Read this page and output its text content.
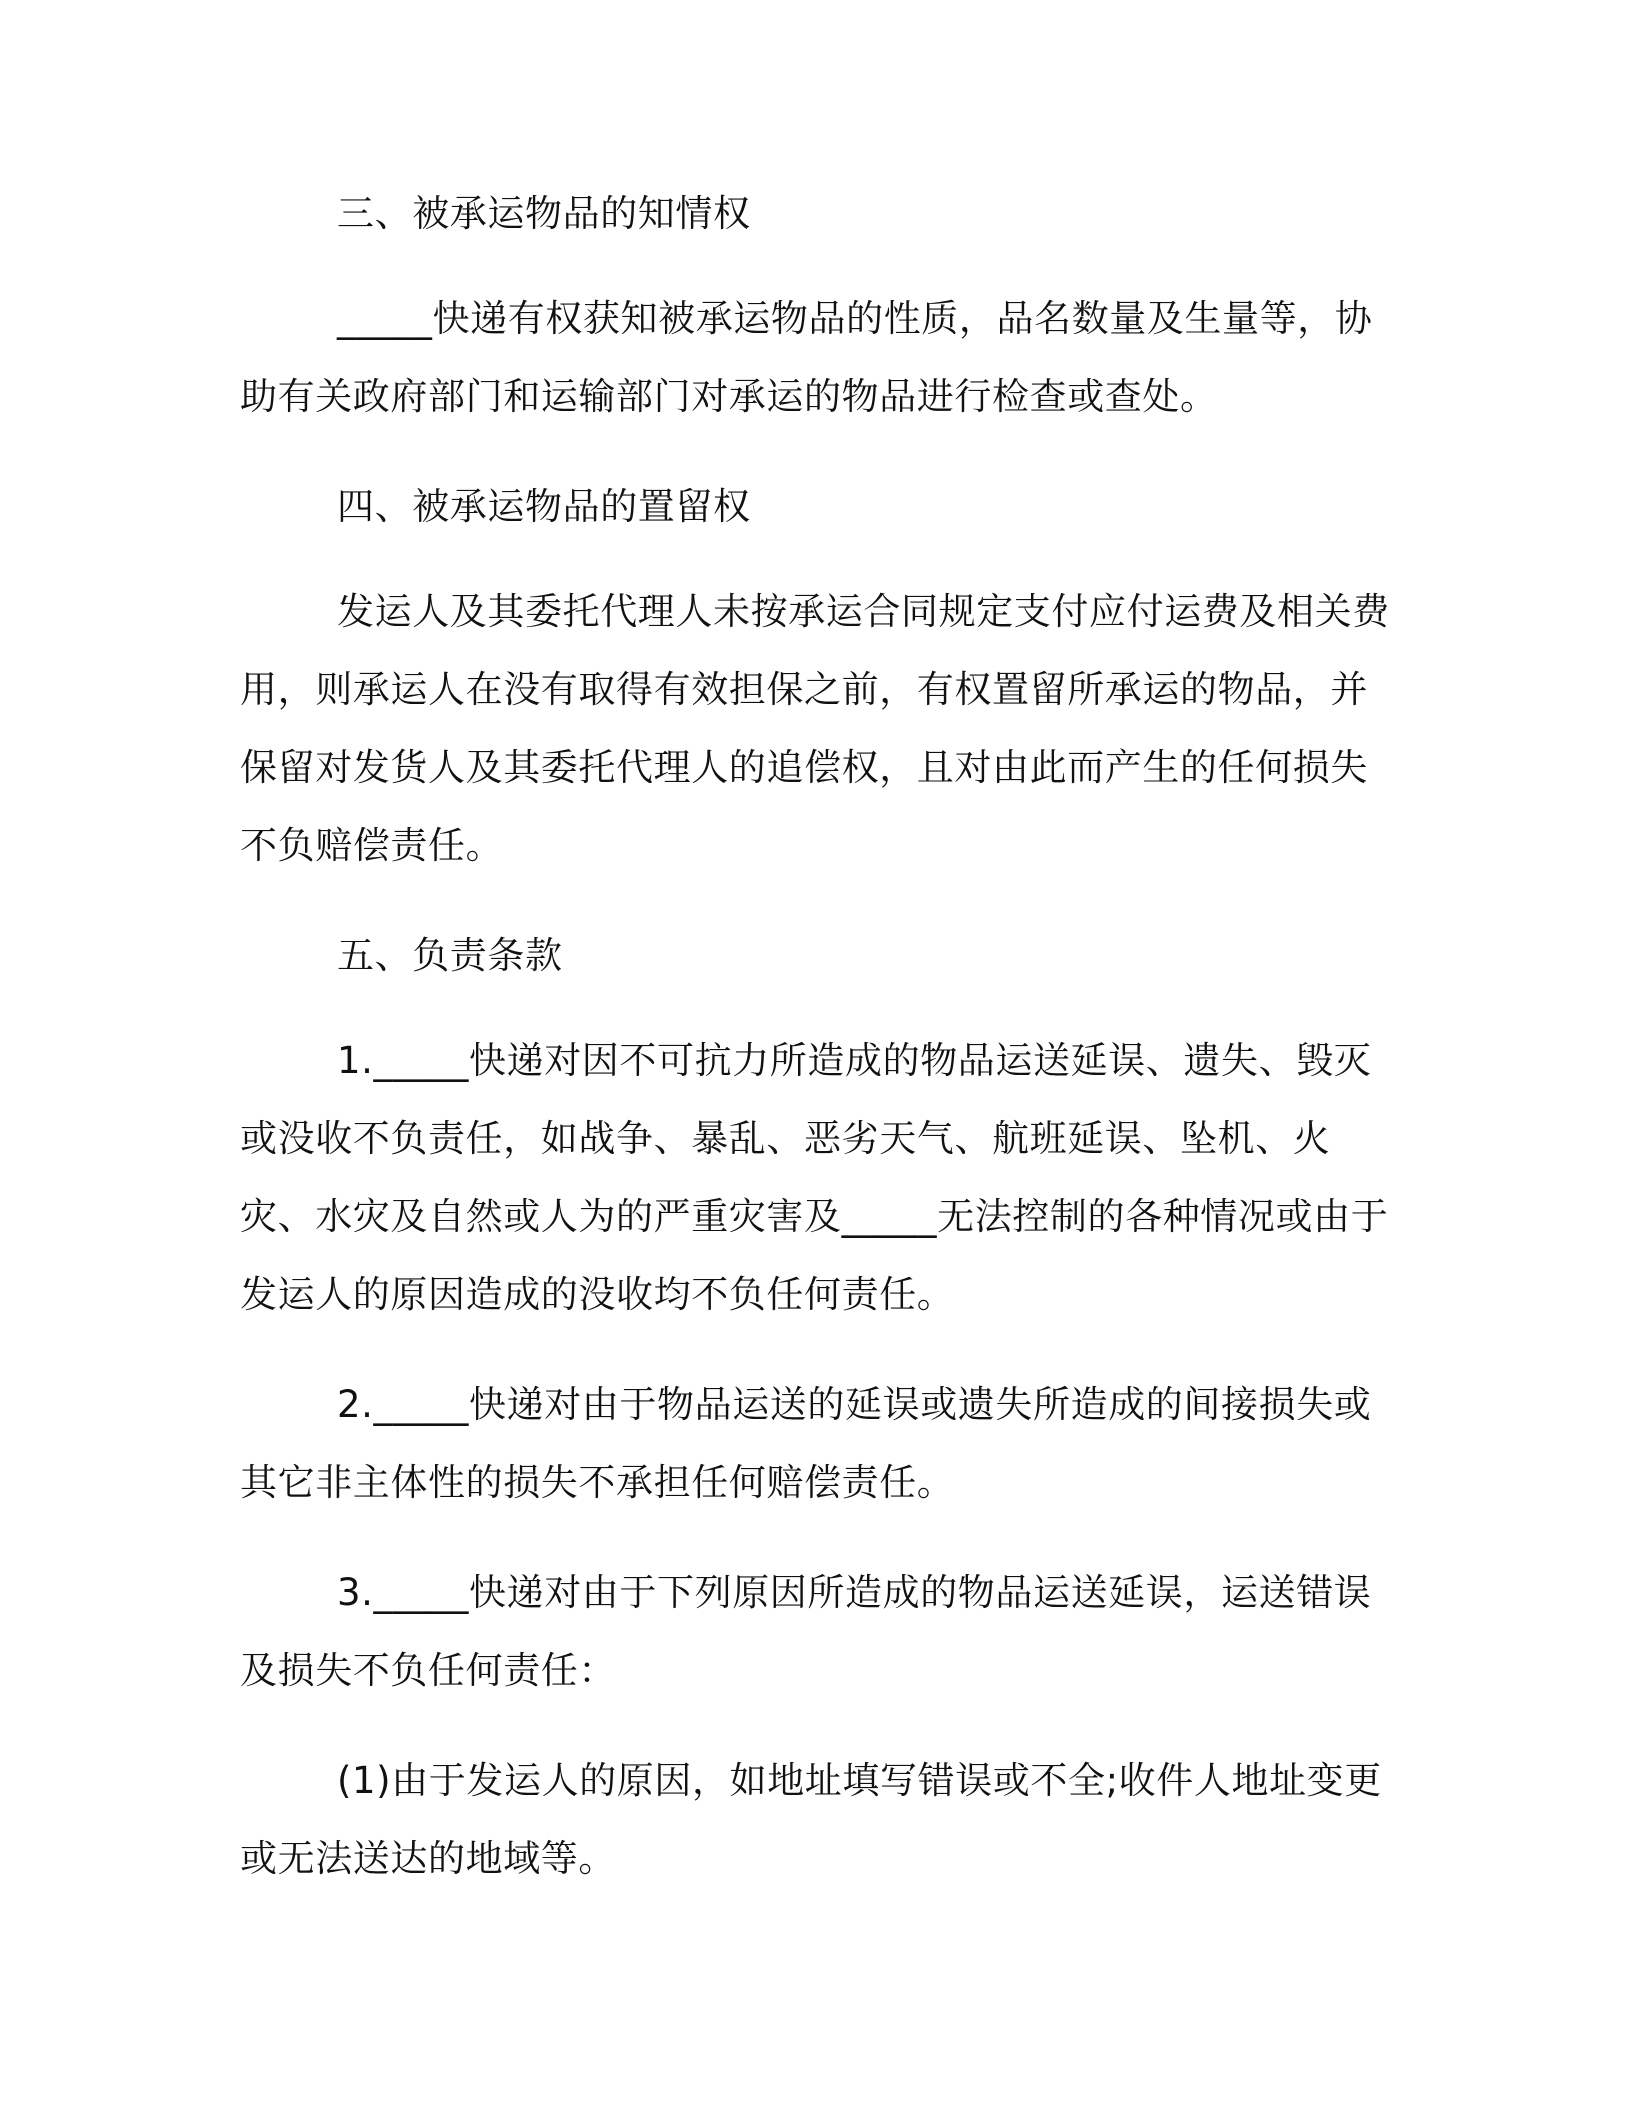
三、被承运物品的知情权

_____快递有权获知被承运物品的性质，品名数量及生量等，协助有关政府部门和运输部门对承运的物品进行检查或查处。

四、被承运物品的置留权

发运人及其委托代理人未按承运合同规定支付应付运费及相关费用，则承运人在没有取得有效担保之前，有权置留所承运的物品，并保留对发货人及其委托代理人的追偿权，且对由此而产生的任何损失不负赔偿责任。

五、负责条款

1._____快递对因不可抗力所造成的物品运送延误、遗失、毁灭或没收不负责任，如战争、暴乱、恶劣天气、航班延误、坠机、火灾、水灾及自然或人为的严重灾害及_____无法控制的各种情况或由于发运人的原因造成的没收均不负任何责任。

2._____快递对由于物品运送的延误或遗失所造成的间接损失或其它非主体性的损失不承担任何赔偿责任。

3._____快递对由于下列原因所造成的物品运送延误，运送错误及损失不负任何责任：

(1)由于发运人的原因，如地址填写错误或不全;收件人地址变更或无法送达的地域等。
